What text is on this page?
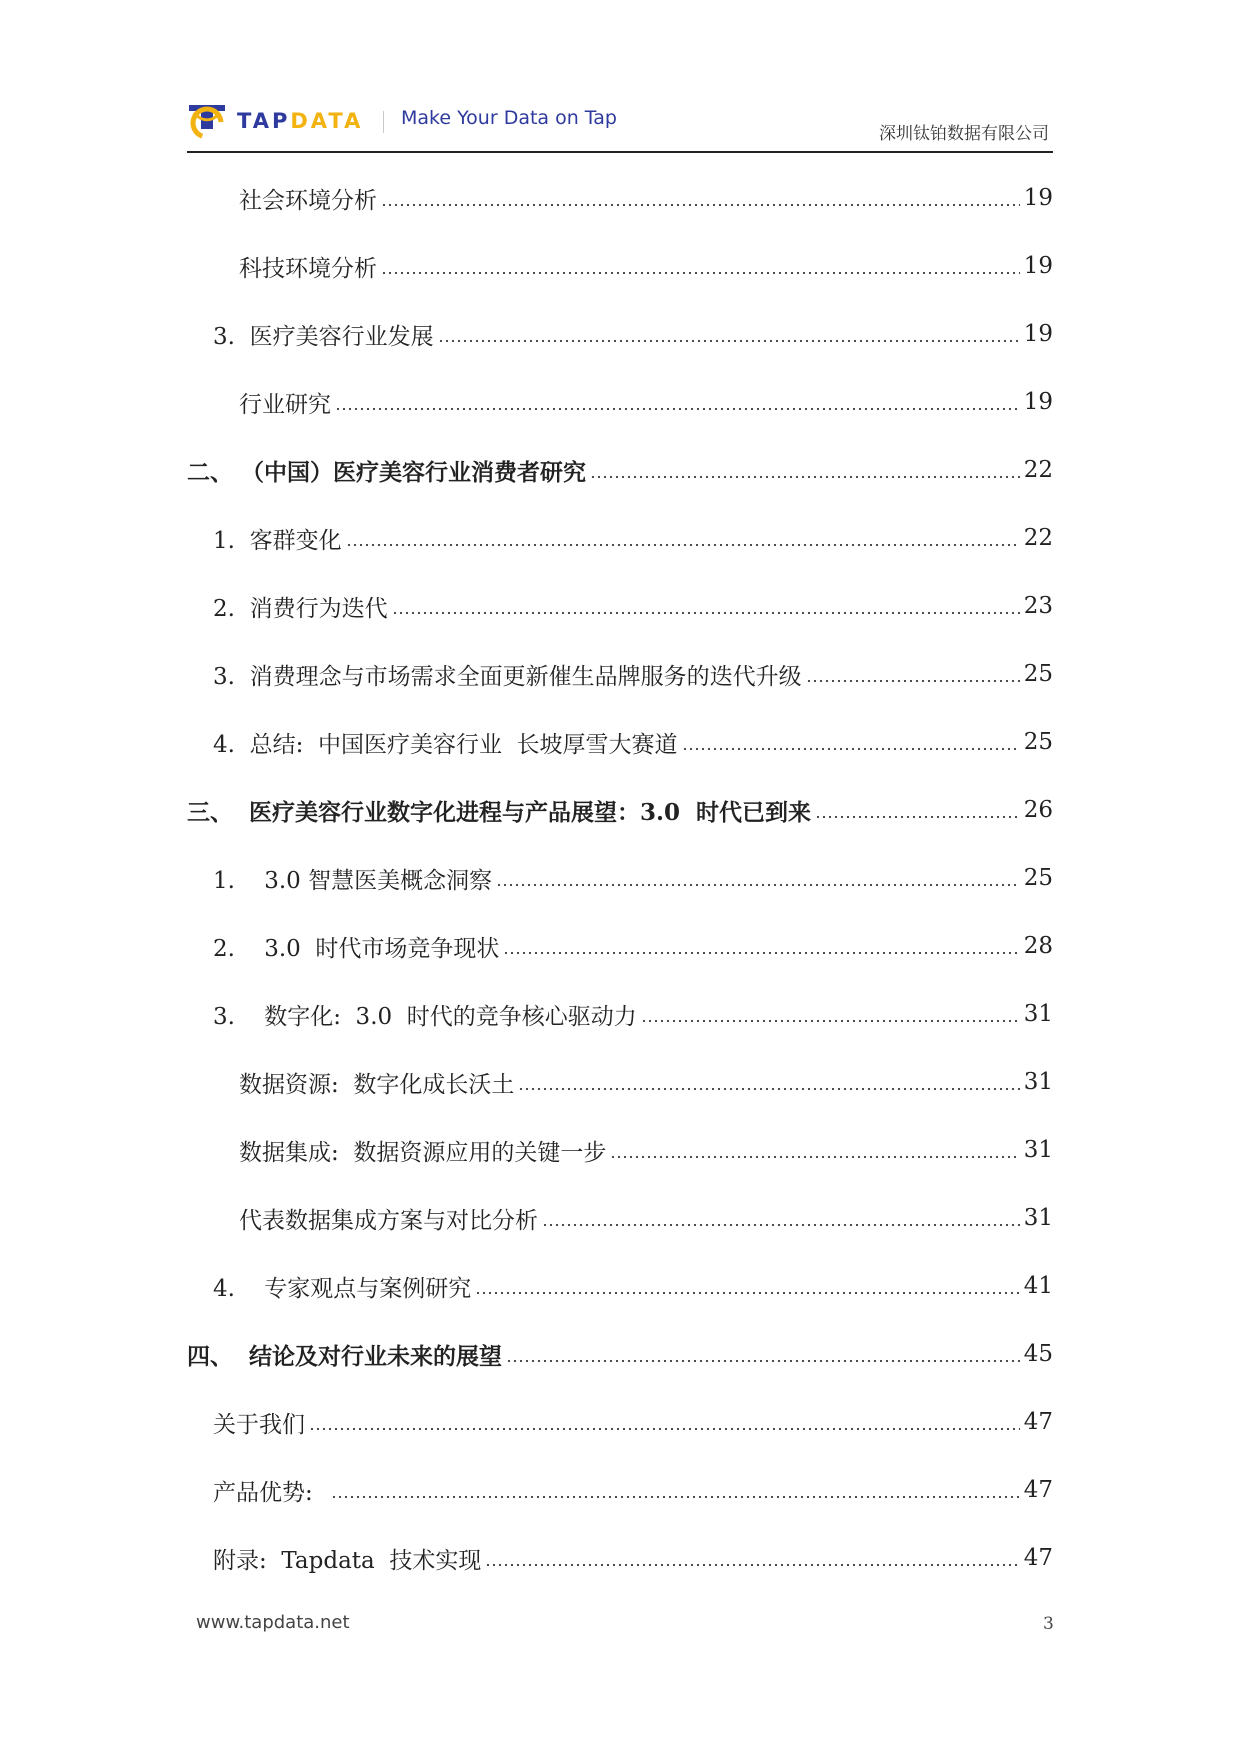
TAPDATA Make Your Data on Tap
深圳钛铂数据有限公司
社会环境分析	19
科技环境分析	19
3.  医疗美容行业发展	19
行业研究	19
二、 （中国）医疗美容行业消费者研究	22
1.  客群变化	22
2.  消费行为迭代	23
3.  消费理念与市场需求全面更新催生品牌服务的迭代升级	25
4.  总结:  中国医疗美容行业  长坡厚雪大赛道	25
三、  医疗美容行业数字化进程与产品展望：3.0  时代已到来	26
1.    3.0 智慧医美概念洞察	25
2.    3.0  时代市场竞争现状	28
3.    数字化:  3.0  时代的竞争核心驱动力	31
数据资源:  数字化成长沃土	31
数据集成:  数据资源应用的关键一步	31
代表数据集成方案与对比分析	31
4.    专家观点与案例研究	41
四、  结论及对行业未来的展望	45
关于我们	47
产品优势:	47
附录:  Tapdata  技术实现	47
www.tapdata.net	3
